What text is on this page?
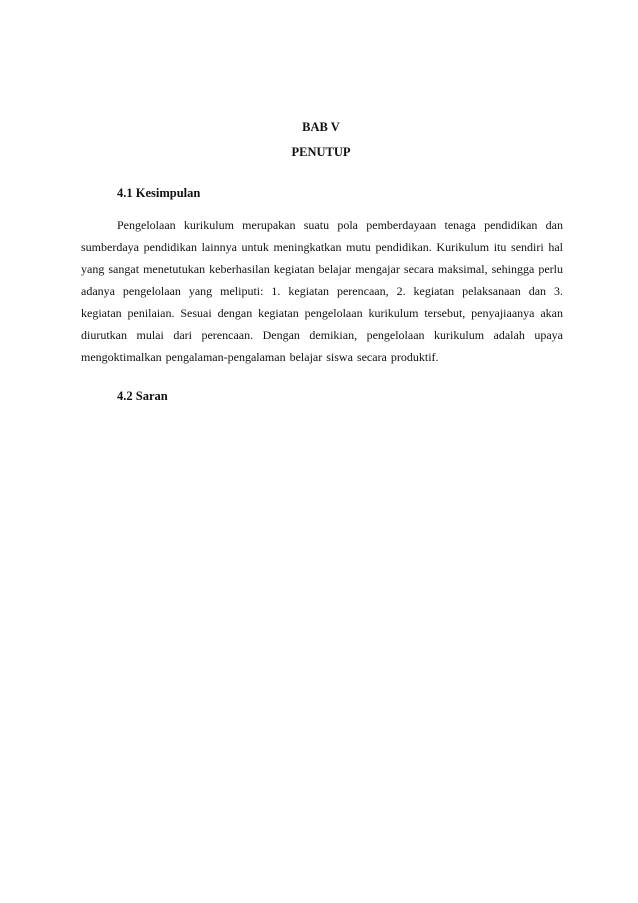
BAB V
PENUTUP
4.1 Kesimpulan

Pengelolaan kurikulum merupakan suatu pola pemberdayaan tenaga pendidikan dan sumberdaya pendidikan lainnya untuk meningkatkan mutu pendidikan. Kurikulum itu sendiri hal yang sangat menetutukan keberhasilan kegiatan belajar mengajar secara maksimal, sehingga perlu adanya pengelolaan yang meliputi: 1. kegiatan perencaan, 2. kegiatan pelaksanaan dan 3. kegiatan penilaian. Sesuai dengan kegiatan pengelolaan kurikulum tersebut, penyajiaanya akan diurutkan mulai dari perencaan. Dengan demikian, pengelolaan kurikulum adalah upaya mengoktimalkan pengalaman-pengalaman belajar siswa secara produktif.

4.2 Saran
